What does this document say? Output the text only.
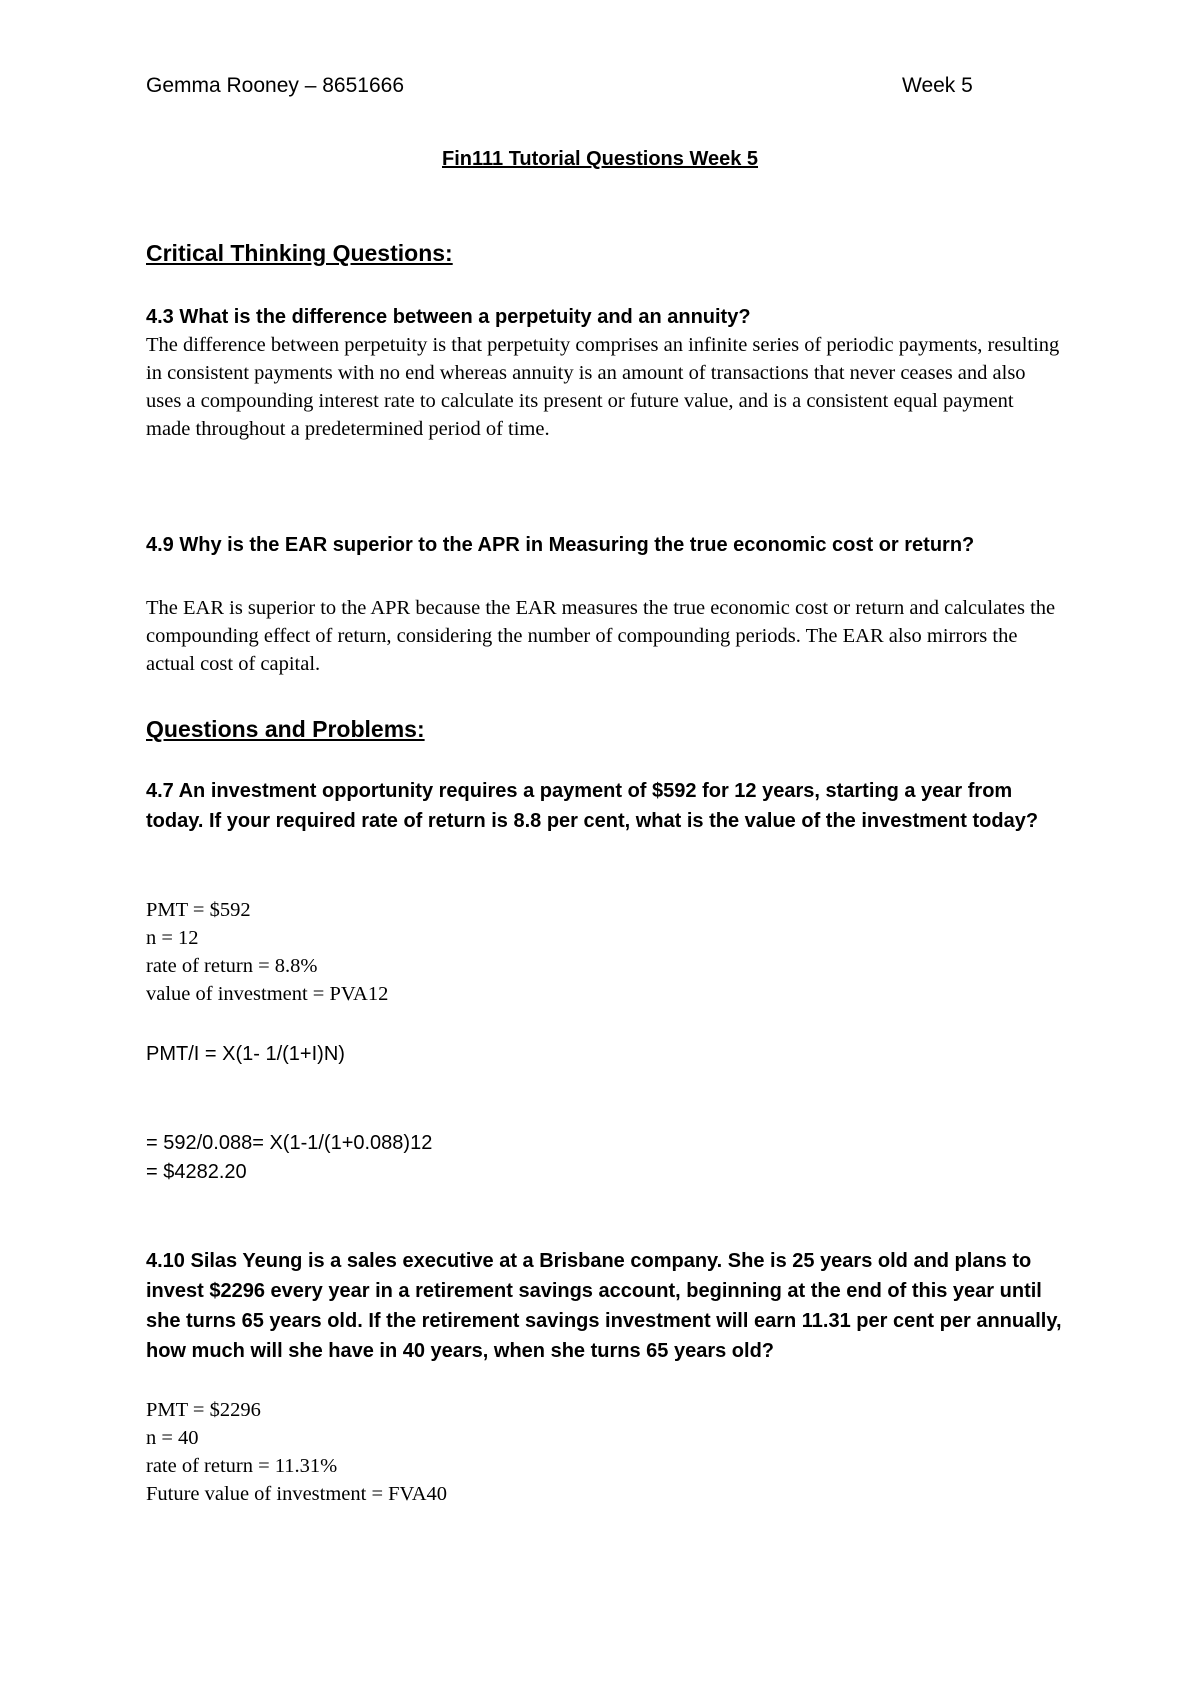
Gemma Rooney – 8651666	Week 5
Fin111 Tutorial Questions Week 5
Critical Thinking Questions:
4.3 What is the difference between a perpetuity and an annuity?
The difference between perpetuity is that perpetuity comprises an infinite series of periodic payments, resulting in consistent payments with no end whereas annuity is an amount of transactions that never ceases and also uses a compounding interest rate to calculate its present or future value, and is a consistent equal payment made throughout a predetermined period of time.
4.9 Why is the EAR superior to the APR in Measuring the true economic cost or return?
The EAR is superior to the APR because the EAR measures the true economic cost or return and calculates the compounding effect of return, considering the number of compounding periods. The EAR also mirrors the actual cost of capital.
Questions and Problems:
4.7 An investment opportunity requires a payment of $592 for 12 years, starting a year from today. If your required rate of return is 8.8 per cent, what is the value of the investment today?
PMT = $592
n = 12
rate of return = 8.8%
value of investment = PVA12
PMT/I = X(1- 1/(1+I)N)
= 592/0.088= X(1-1/(1+0.088)12
= $4282.20
4.10 Silas Yeung is a sales executive at a Brisbane company. She is 25 years old and plans to invest $2296 every year in a retirement savings account, beginning at the end of this year until she turns 65 years old. If the retirement savings investment will earn 11.31 per cent per annually, how much will she have in 40 years, when she turns 65 years old?
PMT = $2296
n = 40
rate of return = 11.31%
Future value of investment = FVA40
